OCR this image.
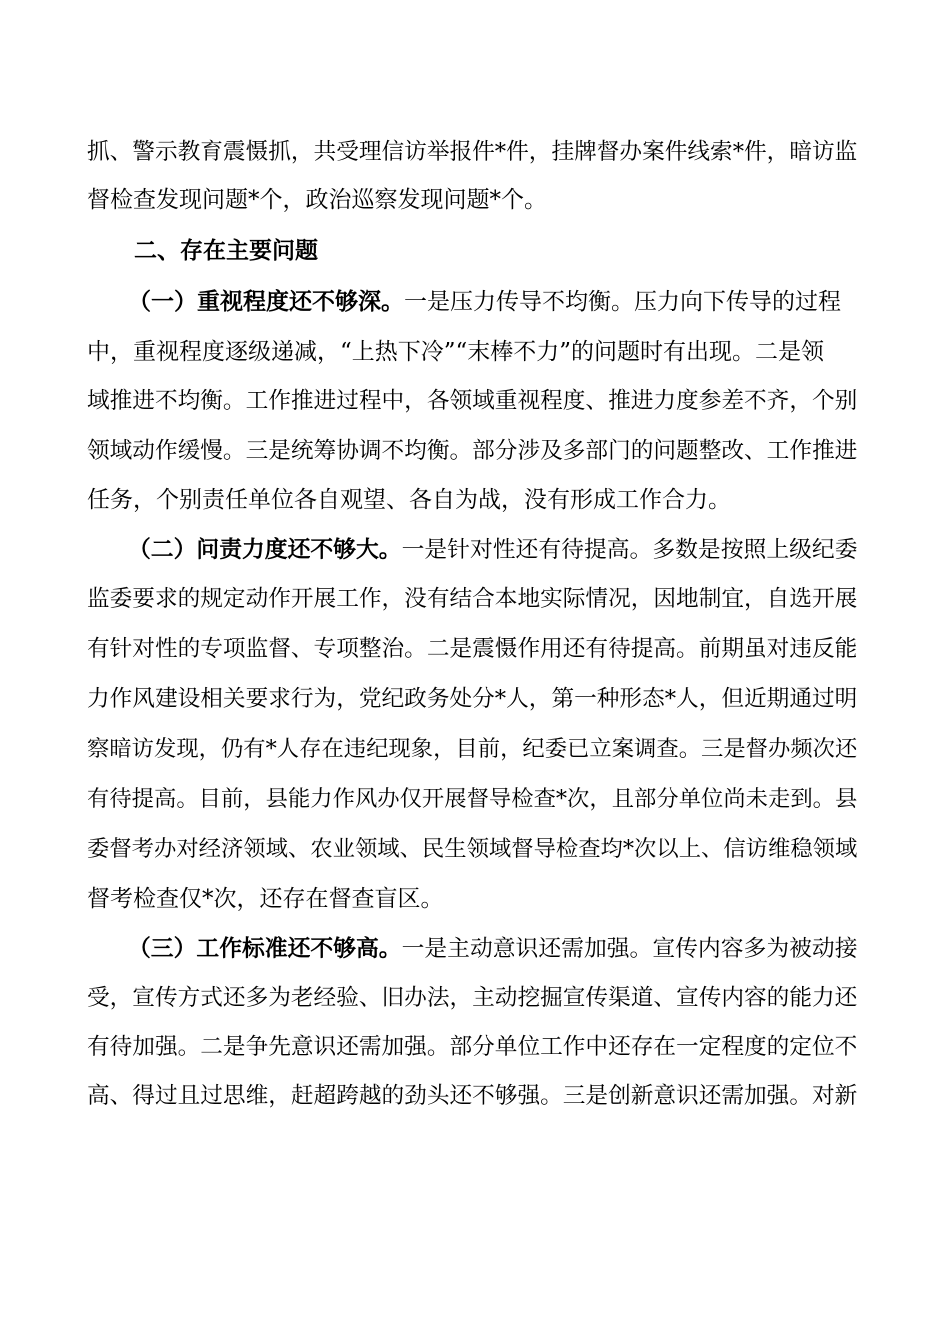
抓、警示教育震慑抓，共受理信访举报件*件，挂牌督办案件线索*件，暗访监

督检查发现问题*个，政治巡察发现问题*个。

二、存在主要问题

（一）重视程度还不够深。一是压力传导不均衡。压力向下传导的过程

中，重视程度逐级递减，“上热下冷”“末棒不力”的问题时有出现。二是领

域推进不均衡。工作推进过程中，各领域重视程度、推进力度参差不齐，个别

领域动作缓慢。三是统筹协调不均衡。部分涉及多部门的问题整改、工作推进

任务，个别责任单位各自观望、各自为战，没有形成工作合力。

（二）问责力度还不够大。一是针对性还有待提高。多数是按照上级纪委

监委要求的规定动作开展工作，没有结合本地实际情况，因地制宜，自选开展

有针对性的专项监督、专项整治。二是震慑作用还有待提高。前期虽对违反能

力作风建设相关要求行为，党纪政务处分*人，第一种形态*人，但近期通过明

察暗访发现，仍有*人存在违纪现象，目前，纪委已立案调查。三是督办频次还

有待提高。目前，县能力作风办仅开展督导检查*次，且部分单位尚未走到。县

委督考办对经济领域、农业领域、民生领域督导检查均*次以上、信访维稳领域

督考检查仅*次，还存在督查盲区。

（三）工作标准还不够高。一是主动意识还需加强。宣传内容多为被动接

受，宣传方式还多为老经验、旧办法，主动挖掘宣传渠道、宣传内容的能力还

有待加强。二是争先意识还需加强。部分单位工作中还存在一定程度的定位不

高、得过且过思维，赶超跨越的劲头还不够强。三是创新意识还需加强。对新
